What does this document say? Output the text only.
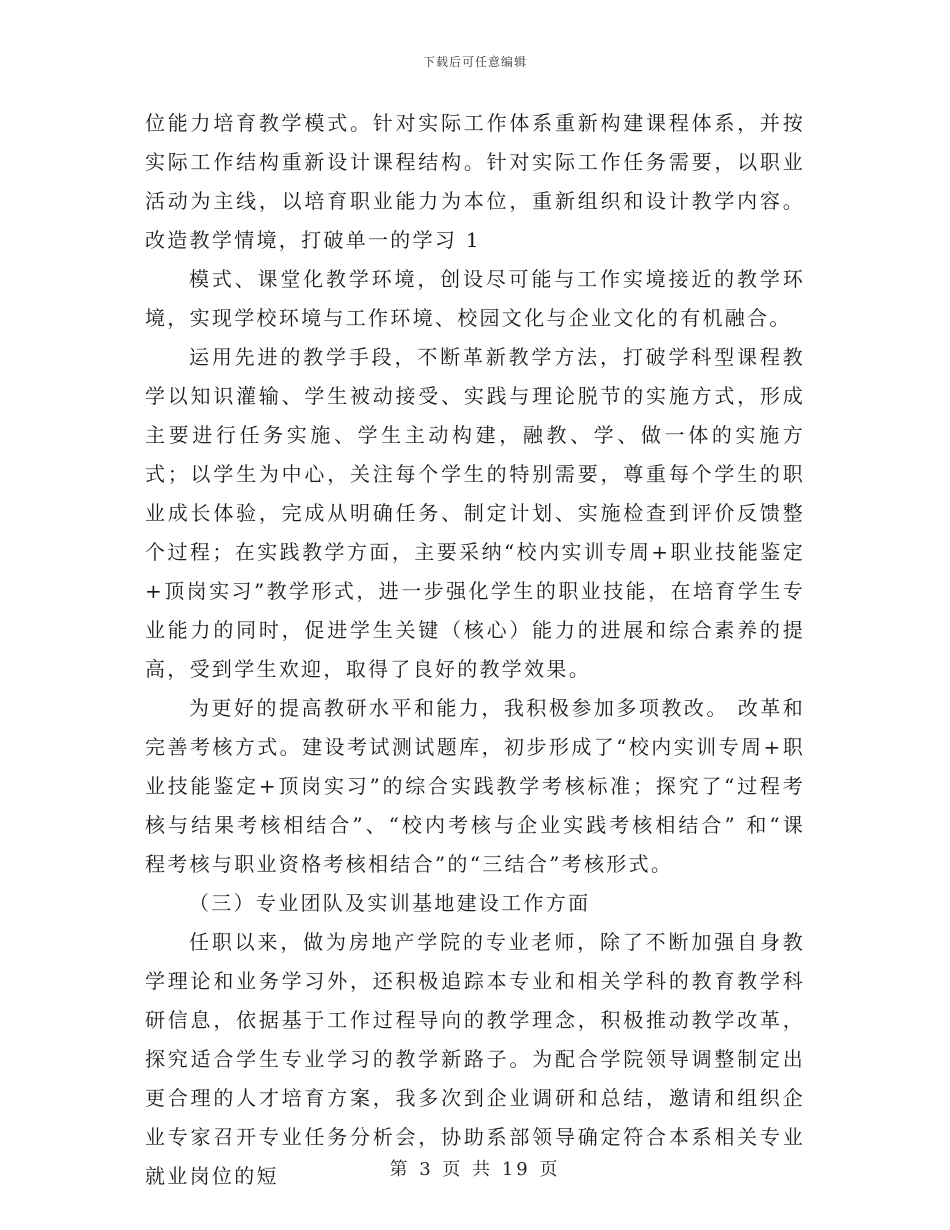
下载后可任意编辑

位能力培育教学模式。针对实际工作体系重新构建课程体系，并按实际工作结构重新设计课程结构。针对实际工作任务需要，以职业活动为主线，以培育职业能力为本位，重新组织和设计教学内容。改造教学情境，打破单一的学习 1

模式、课堂化教学环境，创设尽可能与工作实境接近的教学环境，实现学校环境与工作环境、校园文化与企业文化的有机融合。

运用先进的教学手段，不断革新教学方法，打破学科型课程教学以知识灌输、学生被动接受、实践与理论脱节的实施方式，形成主要进行任务实施、学生主动构建，融教、学、做一体的实施方式；以学生为中心，关注每个学生的特别需要，尊重每个学生的职业成长体验，完成从明确任务、制定计划、实施检查到评价反馈整个过程；在实践教学方面，主要采纳“校内实训专周+职业技能鉴定+顶岗实习”教学形式，进一步强化学生的职业技能，在培育学生专业能力的同时，促进学生关键（核心）能力的进展和综合素养的提高，受到学生欢迎，取得了良好的教学效果。

为更好的提高教研水平和能力，我积极参加多项教改。 改革和完善考核方式。建设考试测试题库，初步形成了“校内实训专周+职业技能鉴定+顶岗实习”的综合实践教学考核标准；探究了“过程考核与结果考核相结合”、“校内考核与企业实践考核相结合” 和“课程考核与职业资格考核相结合”的“三结合”考核形式。

（三）专业团队及实训基地建设工作方面

任职以来，做为房地产学院的专业老师，除了不断加强自身教学理论和业务学习外，还积极追踪本专业和相关学科的教育教学科研信息，依据基于工作过程导向的教学理念，积极推动教学改革，探究适合学生专业学习的教学新路子。为配合学院领导调整制定出更合理的人才培育方案，我多次到企业调研和总结，邀请和组织企业专家召开专业任务分析会，协助系部领导确定符合本系相关专业就业岗位的短	第 3 页 共 19 页
